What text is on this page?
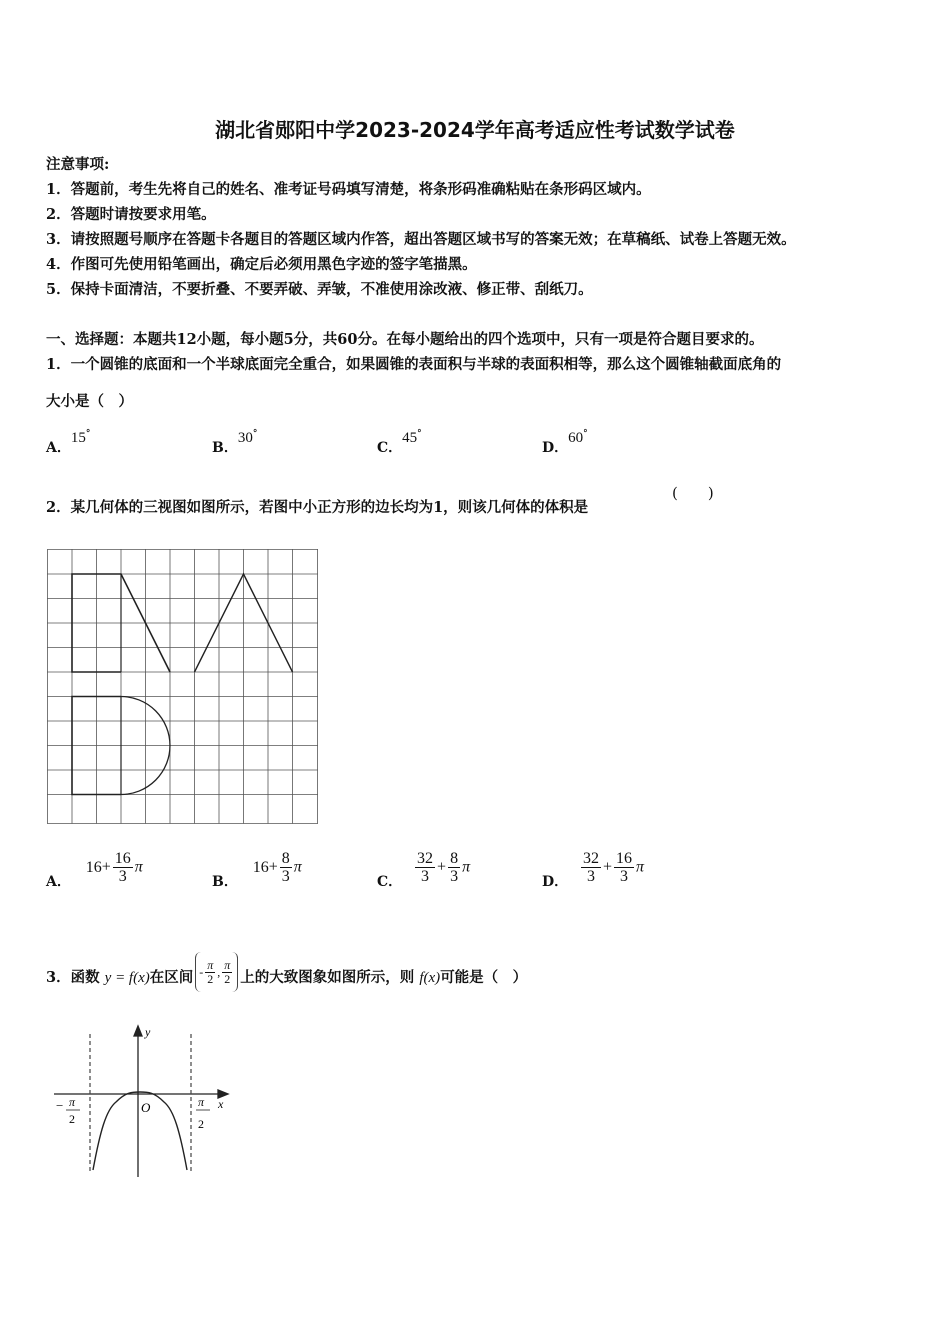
湖北省郧阳中学2023-2024学年高考适应性考试数学试卷
注意事项:
1．答题前，考生先将自己的姓名、准考证号码填写清楚，将条形码准确粘贴在条形码区域内。
2．答题时请按要求用笔。
3．请按照题号顺序在答题卡各题目的答题区域内作答，超出答题区域书写的答案无效；在草稿纸、试卷上答题无效。
4．作图可先使用铅笔画出，确定后必须用黑色字迹的签字笔描黑。
5．保持卡面清洁，不要折叠、不要弄破、弄皱，不准使用涂改液、修正带、刮纸刀。
一、选择题：本题共12小题，每小题5分，共60分。在每小题给出的四个选项中，只有一项是符合题目要求的。
1．一个圆锥的底面和一个半球底面完全重合，如果圆锥的表面积与半球的表面积相等，那么这个圆锥轴截面底角的
大小是（　）
A．15°
B．30°
C．45°
D．60°
2．某几何体的三视图如图所示，若图中小正方形的边长均为1，则该几何体的体积是
(　　)
A． $16+ \frac{16}{3}$ π
B． $16+ \frac{8}{3}$ π
C． $\frac{32}{3} + \frac{8}{3}$ π
D． $\frac{32}{3} + \frac{16}{3}$ π
3．函数 y = f(x)在区间 - $\frac{\pi}{2}$ , $\frac{\pi}{2}$ 上的大致图象如图所示，则 f(x)可能是（　）
y
x
O
− π
2
π
2
